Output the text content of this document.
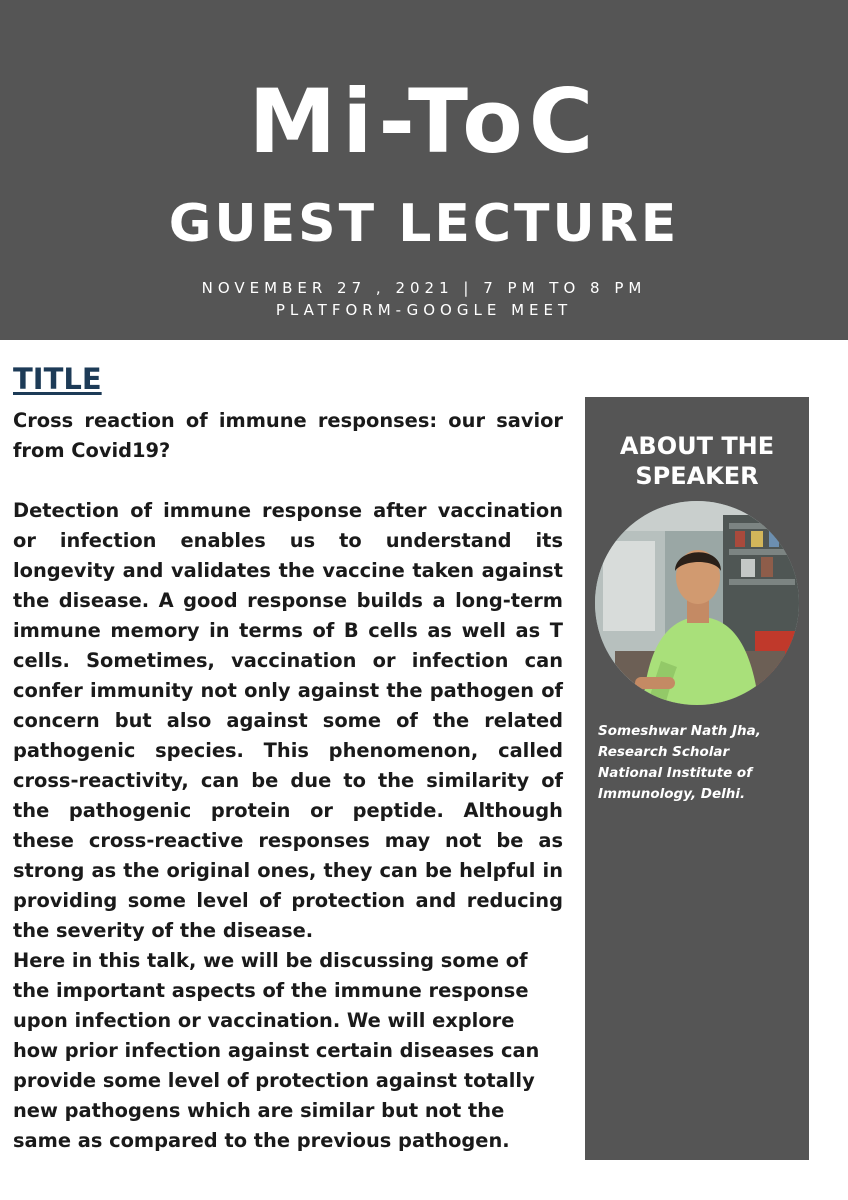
Mi-ToC
GUEST LECTURE
NOVEMBER 27 , 2021 | 7 PM TO 8 PM
PLATFORM-GOOGLE MEET
TITLE

Cross reaction of immune responses: our savior from Covid19?

Detection of immune response after vaccination or infection enables us to understand its longevity and validates the vaccine taken against the disease. A good response builds a long-term immune memory in terms of B cells as well as T cells. Sometimes, vaccination or infection can confer immunity not only against the pathogen of concern but also against some of the related pathogenic species. This phenomenon, called cross-reactivity, can be due to the similarity of the pathogenic protein or peptide. Although these cross-reactive responses may not be as strong as the original ones, they can be helpful in providing some level of protection and reducing the severity of the disease.

Here in this talk, we will be discussing some of the important aspects of the immune response upon infection or vaccination. We will explore how prior infection against certain diseases can provide some level of protection against totally new pathogens which are similar but not the same as compared to the previous pathogen.

ABOUT THE
SPEAKER
Someshwar Nath Jha,
Research Scholar
National Institute of
Immunology, Delhi.
